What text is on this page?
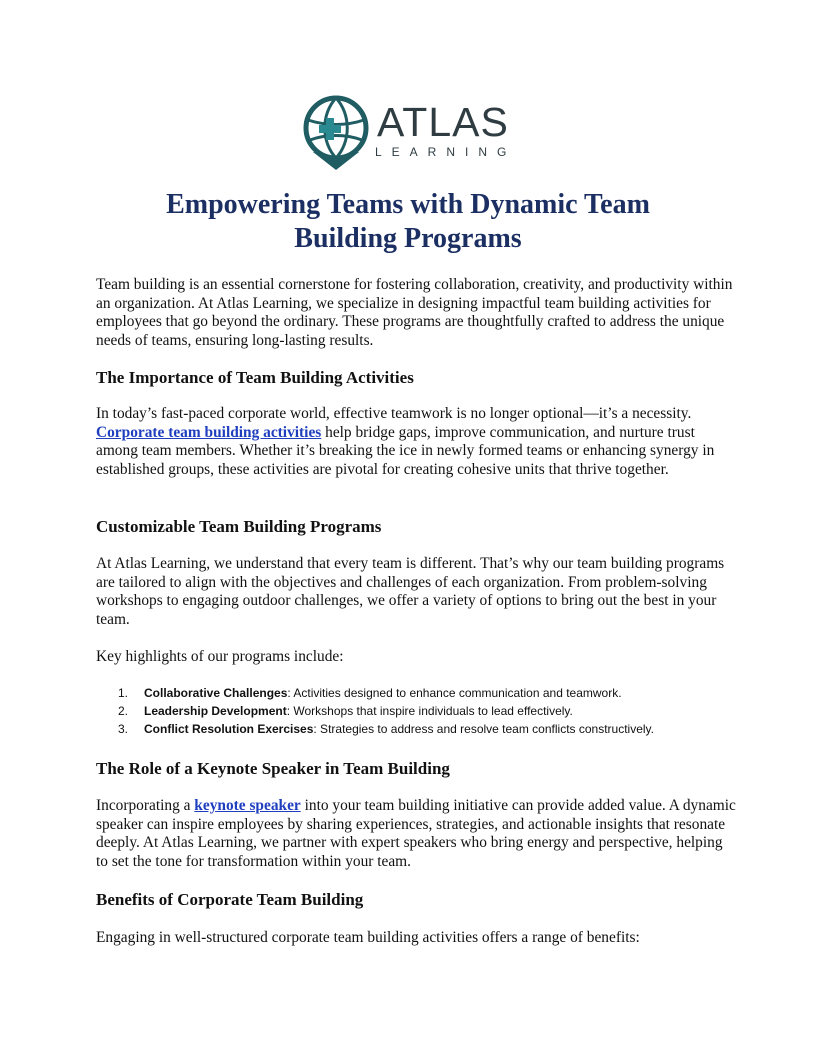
ATLAS
LEARNING
Empowering Teams with Dynamic Team
Building Programs

Team building is an essential cornerstone for fostering collaboration, creativity, and productivity within an organization. At Atlas Learning, we specialize in designing impactful team building activities for employees that go beyond the ordinary. These programs are thoughtfully crafted to address the unique needs of teams, ensuring long-lasting results.

The Importance of Team Building Activities

In today’s fast-paced corporate world, effective teamwork is no longer optional—it’s a necessity. Corporate team building activities help bridge gaps, improve communication, and nurture trust among team members. Whether it’s breaking the ice in newly formed teams or enhancing synergy in established groups, these activities are pivotal for creating cohesive units that thrive together.

Customizable Team Building Programs

At Atlas Learning, we understand that every team is different. That’s why our team building programs are tailored to align with the objectives and challenges of each organization. From problem-solving workshops to engaging outdoor challenges, we offer a variety of options to bring out the best in your team.

Key highlights of our programs include:

1. Collaborative Challenges: Activities designed to enhance communication and teamwork.
2. Leadership Development: Workshops that inspire individuals to lead effectively.
3. Conflict Resolution Exercises: Strategies to address and resolve team conflicts constructively.
The Role of a Keynote Speaker in Team Building

Incorporating a keynote speaker into your team building initiative can provide added value. A dynamic speaker can inspire employees by sharing experiences, strategies, and actionable insights that resonate deeply. At Atlas Learning, we partner with expert speakers who bring energy and perspective, helping to set the tone for transformation within your team.

Benefits of Corporate Team Building

Engaging in well-structured corporate team building activities offers a range of benefits:
